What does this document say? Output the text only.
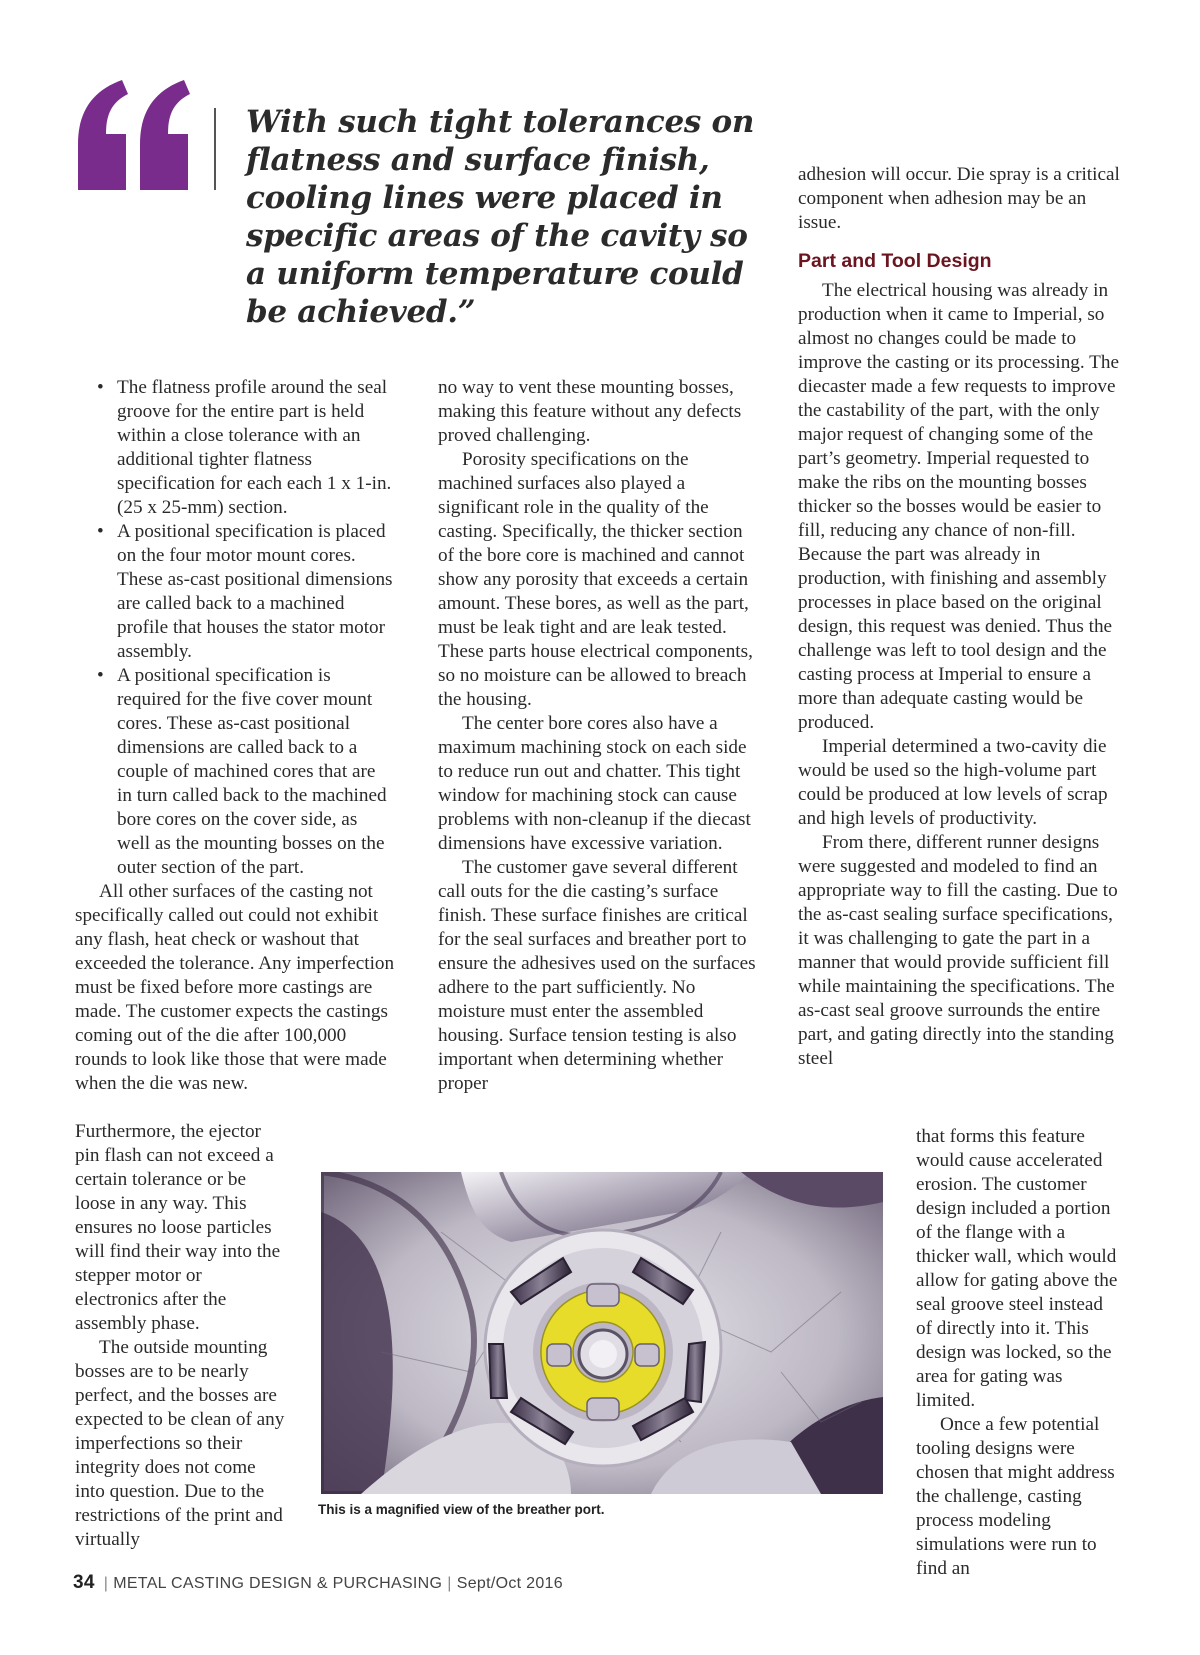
With such tight tolerances on flatness and surface finish, cooling lines were placed in specific areas of the cavity so a uniform temperature could be achieved.”

• The flatness profile around the seal groove for the entire part is held within a close tolerance with an additional tighter flatness specification for each each 1 x 1-in. (25 x 25-mm) section.
• A positional specification is placed on the four motor mount cores. These as-cast positional dimensions are called back to a machined profile that houses the stator motor assembly.
• A positional specification is required for the five cover mount cores. These as-cast positional dimensions are called back to a couple of machined cores that are in turn called back to the machined bore cores on the cover side, as well as the mounting bosses on the outer section of the part.

All other surfaces of the casting not specifically called out could not exhibit any flash, heat check or washout that exceeded the tolerance. Any imperfection must be fixed before more castings are made. The customer expects the castings coming out of the die after 100,000 rounds to look like those that were made when the die was new.

Furthermore, the ejector pin flash can not exceed a certain tolerance or be loose in any way. This ensures no loose particles will find their way into the stepper motor or electronics after the assembly phase.

The outside mounting bosses are to be nearly perfect, and the bosses are expected to be clean of any imperfections so their integrity does not come into question. Due to the restrictions of the print and virtually

no way to vent these mounting bosses, making this feature without any defects proved challenging.

Porosity specifications on the machined surfaces also played a significant role in the quality of the casting. Specifically, the thicker section of the bore core is machined and cannot show any porosity that exceeds a certain amount. These bores, as well as the part, must be leak tight and are leak tested. These parts house electrical components, so no moisture can be allowed to breach the housing.

The center bore cores also have a maximum machining stock on each side to reduce run out and chatter. This tight window for machining stock can cause problems with non-cleanup if the diecast dimensions have excessive variation.

The customer gave several different call outs for the die casting’s surface finish. These surface finishes are critical for the seal surfaces and breather port to ensure the adhesives used on the surfaces adhere to the part sufficiently. No moisture must enter the assembled housing. Surface tension testing is also important when determining whether proper

adhesion will occur. Die spray is a critical component when adhesion may be an issue.

Part and Tool Design

The electrical housing was already in production when it came to Imperial, so almost no changes could be made to improve the casting or its processing. The diecaster made a few requests to improve the castability of the part, with the only major request of changing some of the part’s geometry. Imperial requested to make the ribs on the mounting bosses thicker so the bosses would be easier to fill, reducing any chance of non-fill. Because the part was already in production, with finishing and assembly processes in place based on the original design, this request was denied. Thus the challenge was left to tool design and the casting process at Imperial to ensure a more than adequate casting would be produced.

Imperial determined a two-cavity die would be used so the high-volume part could be produced at low levels of scrap and high levels of productivity.

From there, different runner designs were suggested and modeled to find an appropriate way to fill the casting. Due to the as-cast sealing surface specifications, it was challenging to gate the part in a manner that would provide sufficient fill while maintaining the specifications. The as-cast seal groove surrounds the entire part, and gating directly into the standing steel

that forms this feature would cause accelerated erosion. The customer design included a portion of the flange with a thicker wall, which would allow for gating above the seal groove steel instead of directly into it. This design was locked, so the area for gating was limited.

Once a few potential tooling designs were chosen that might address the challenge, casting process modeling simulations were run to find an

This is a magnified view of the breather port.
34 | METAL CASTING DESIGN & PURCHASING | Sept/Oct 2016
